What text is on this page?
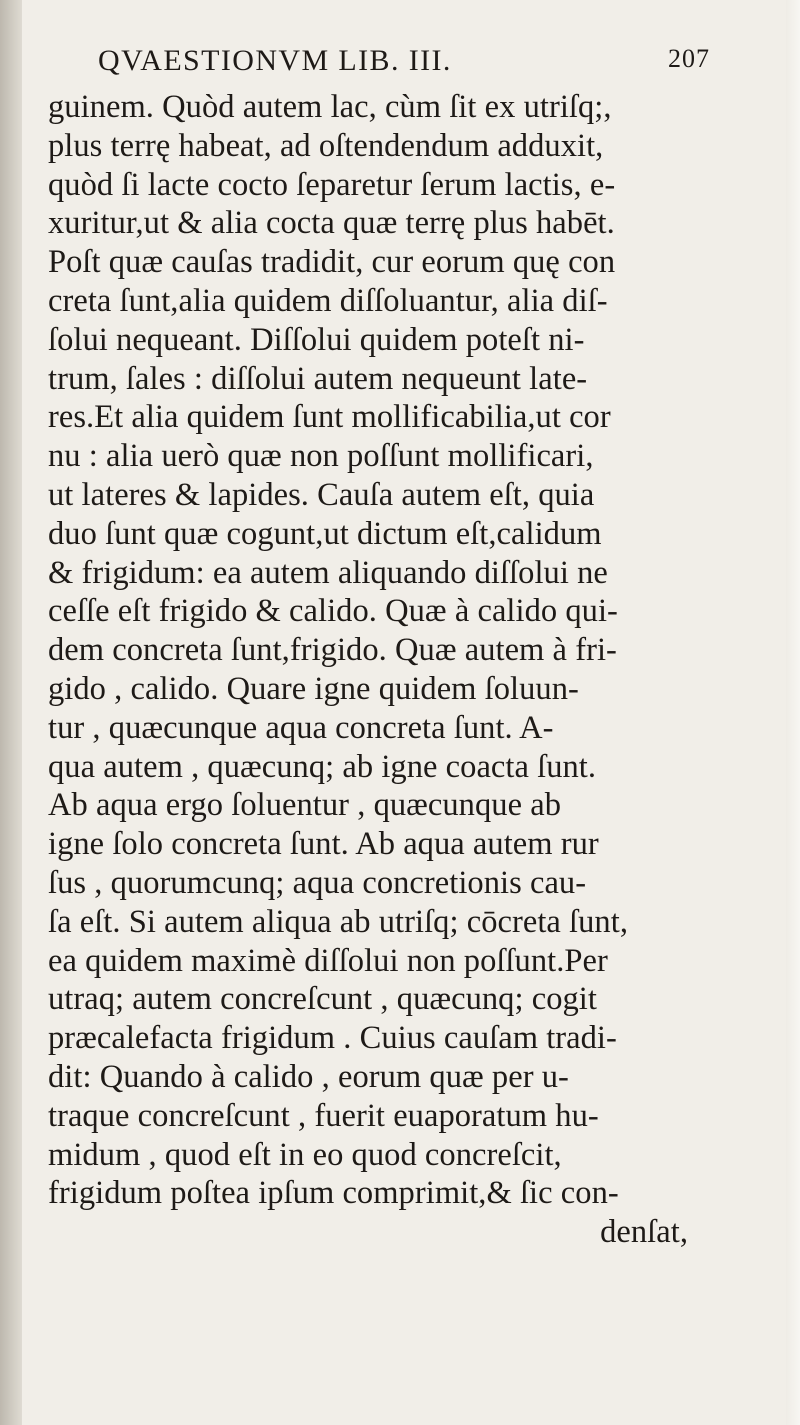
QVAESTIONVM LIB. III.	207
guinem. Quòd autem lac, cùm ſit ex utriſq;,
plus terrę habeat, ad oſtendendum adduxit,
quòd ſi lacte cocto ſeparetur ſerum lactis, e-
xuritur,ut & alia cocta quæ terrę plus habēt.
Poſt quæ cauſas tradidit, cur eorum quę con
creta ſunt,alia quidem diſſoluantur, alia diſ-
ſolui nequeant. Diſſolui quidem poteſt ni-
trum, ſales : diſſolui autem nequeunt late-
res.Et alia quidem ſunt mollificabilia,ut cor
nu : alia uerò quæ non poſſunt mollificari,
ut lateres & lapides. Cauſa autem eſt, quia
duo ſunt quæ cogunt,ut dictum eſt,calidum
& frigidum: ea autem aliquando diſſolui ne
ceſſe eſt frigido & calido. Quæ à calido qui-
dem concreta ſunt,frigido. Quæ autem à fri-
gido , calido. Quare igne quidem ſoluun-
tur , quæcunque aqua concreta ſunt. A-
qua autem , quæcunq; ab igne coacta ſunt.
Ab aqua ergo ſoluentur , quæcunque ab
igne ſolo concreta ſunt. Ab aqua autem rur
ſus , quorumcunq; aqua concretionis cau-
ſa eſt. Si autem aliqua ab utriſq; cōcreta ſunt,
ea quidem maximè diſſolui non poſſunt.Per
utraq; autem concreſcunt , quæcunq; cogit
præcalefacta frigidum . Cuius cauſam tradi-
dit: Quando à calido , eorum quæ per u-
traque concreſcunt , fuerit euaporatum hu-
midum , quod eſt in eo quod concreſcit,
frigidum poſtea ipſum comprimit,& ſic con-
denſat,
